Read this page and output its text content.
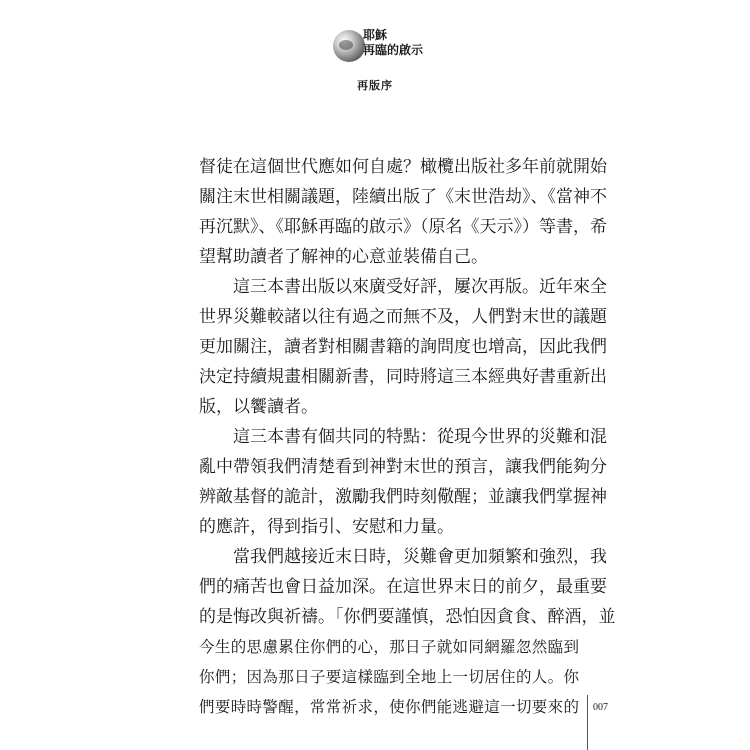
耶穌
再臨的啟示
再版序
督徒在這個世代應如何自處？橄欖出版社多年前就開始
關注末世相關議題，陸續出版了《末世浩劫》、《當神不
再沉默》、《耶穌再臨的啟示》（原名《天示》）等書，希
望幫助讀者了解神的心意並裝備自己。
　　這三本書出版以來廣受好評，屢次再版。近年來全
世界災難較諸以往有過之而無不及，人們對末世的議題
更加關注，讀者對相關書籍的詢問度也增高，因此我們
決定持續規畫相關新書，同時將這三本經典好書重新出
版，以饗讀者。
　　這三本書有個共同的特點：從現今世界的災難和混
亂中帶領我們清楚看到神對末世的預言，讓我們能夠分
辨敵基督的詭計，激勵我們時刻儆醒；並讓我們掌握神
的應許，得到指引、安慰和力量。
　　當我們越接近末日時，災難會更加頻繁和強烈，我
們的痛苦也會日益加深。在這世界末日的前夕，最重要
的是悔改與祈禱。「你們要謹慎，恐怕因貪食、醉酒，並
今生的思慮累住你們的心，那日子就如同網羅忽然臨到
你們；因為那日子要這樣臨到全地上一切居住的人。你
們要時時警醒，常常祈求，使你們能逃避這一切要來的 007
